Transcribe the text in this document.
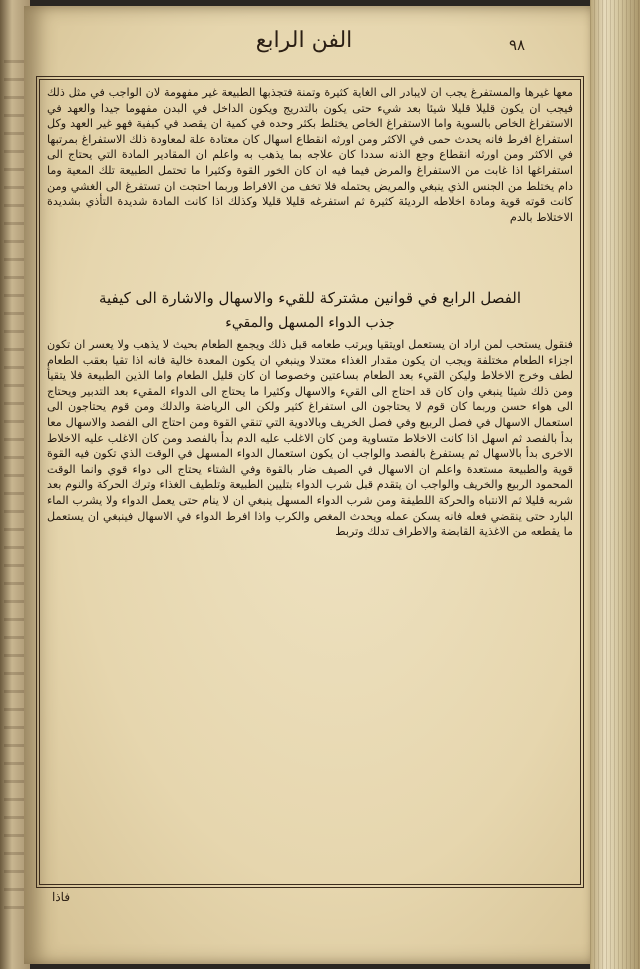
الفن الرابع	٩٨

معها غيرها والمستفرغ يجب ان لايبادر الى الغاية كثيرة وتمنة فتجذبها الطبيعة غير مفهومة لان الواجب في مثل ذلك فيجب ان يكون قليلا قليلا شيئا بعد شيء حتى يكون بالتدريج ويكون الداخل في البدن مفهوما جيدا والعهد في الاستفراغ الخاص بالسوية واما الاستفراغ الخاص يختلط بكثر وحده في كمية ان يقصد في كيفية فهو غير العهد وكل استفراغ افرط فانه يحدث حمى في الاكثر ومن اورثه انقطاع اسهال كان معتادة علة لمعاودة ذلك الاستفراغ بمرتبها في الاكثر ومن اورثه انقطاع وجع الذنه سددا كان علاجه بما يذهب به واعلم ان المقادير المادة التي يحتاج الى استفراغها اذا غابت من الاستفراغ والمرض فيما فيه ان كان الخور القوة وكثيرا ما تحتمل الطبيعة تلك المعية وما دام يختلط من الجنس الذي ينبغي والمريض يحتمله فلا تخف من الافراط وربما احتجت ان تستفرغ الى الغشي ومن كانت قوته قوية ومادة اخلاطه الرديئة كثيرة ثم استفرغه قليلا قليلا وكذلك اذا كانت المادة شديدة التأذي بشديدة الاختلاط بالدم

الفصل الرابع في قوانين مشتركة للقيء والاسهال والاشارة الى كيفية
جذب الدواء المسهل والمقيء

فنقول يستحب لمن اراد ان يستعمل اويتقيا ويرتب طعامه قبل ذلك ويجمع الطعام بحيث لا يذهب ولا يعسر ان تكون اجزاء الطعام مختلفة ويجب ان يكون مقدار الغذاء معتدلا وينبغي ان يكون المعدة خالية فانه اذا تقيا بعقب الطعام لطف وخرج الاخلاط وليكن القيء بعد الطعام بساعتين وخصوصا ان كان قليل الطعام واما الذين الطبيعة فلا يتقيأ ومن ذلك شيئا ينبغي وان كان قد احتاج الى القيء والاسهال وكثيرا ما يحتاج الى الدواء المقيء بعد التدبير ويحتاج الى هواء حسن وربما كان قوم لا يحتاجون الى استفراغ كثير ولكن الى الرياضة والدلك ومن قوم يحتاجون الى استعمال الاسهال في فصل الربيع وفي فصل الخريف وبالادوية التي تنقي القوة ومن احتاج الى الفصد والاسهال معا بدأ بالفصد ثم اسهل اذا كانت الاخلاط متساوية ومن كان الاغلب عليه الدم بدأ بالفصد ومن كان الاغلب عليه الاخلاط الاخرى بدأ بالاسهال ثم يستفرغ بالفصد والواجب ان يكون استعمال الدواء المسهل في الوقت الذي تكون فيه القوة قوية والطبيعة مستعدة واعلم ان الاسهال في الصيف ضار بالقوة وفي الشتاء يحتاج الى دواء قوي وانما الوقت المحمود الربيع والخريف والواجب ان يتقدم قبل شرب الدواء بتليين الطبيعة وتلطيف الغذاء وترك الحركة والنوم بعد شربه قليلا ثم الانتباه والحركة اللطيفة ومن شرب الدواء المسهل ينبغي ان لا ينام حتى يعمل الدواء ولا يشرب الماء البارد حتى ينقضي فعله فانه يسكن عمله ويحدث المغص والكرب واذا افرط الدواء في الاسهال فينبغي ان يستعمل ما يقطعه من الاغذية القابضة والاطراف تدلك وتربط

فاذا
